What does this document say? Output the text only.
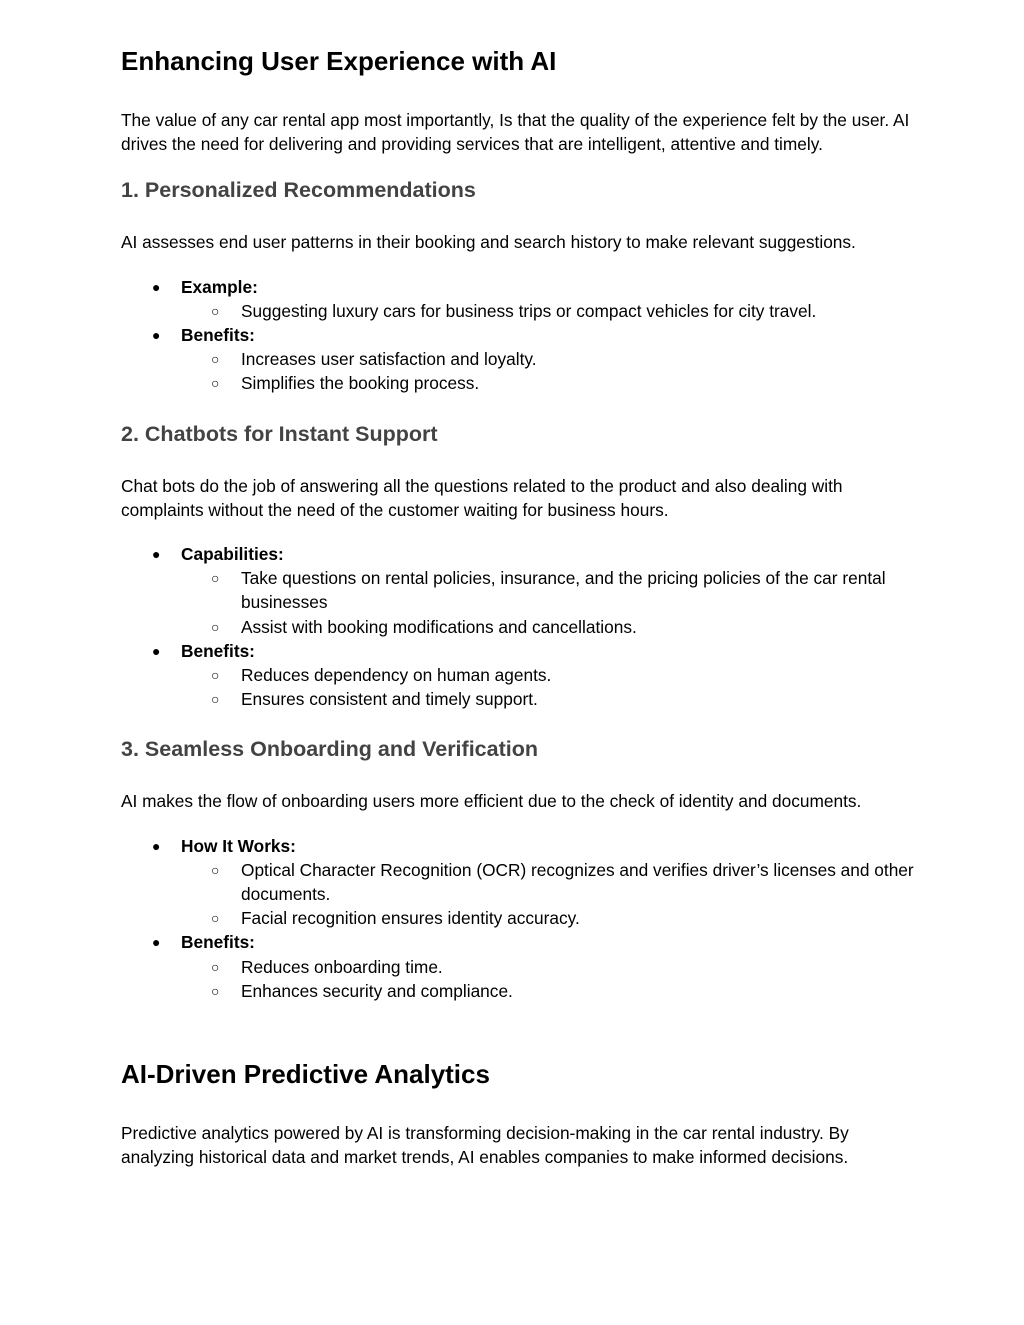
Enhancing User Experience with AI

The value of any car rental app most importantly, Is that the quality of the experience felt by the user. AI drives the need for delivering and providing services that are intelligent, attentive and timely.

1. Personalized Recommendations

AI assesses end user patterns in their booking and search history to make relevant suggestions.

● Example:
○ Suggesting luxury cars for business trips or compact vehicles for city travel.
● Benefits:
○ Increases user satisfaction and loyalty.
○ Simplifies the booking process.
2. Chatbots for Instant Support

Chat bots do the job of answering all the questions related to the product and also dealing with complaints without the need of the customer waiting for business hours.

● Capabilities:
○ Take questions on rental policies, insurance, and the pricing policies of the car rental businesses
○ Assist with booking modifications and cancellations.
● Benefits:
○ Reduces dependency on human agents.
○ Ensures consistent and timely support.
3. Seamless Onboarding and Verification

AI makes the flow of onboarding users more efficient due to the check of identity and documents.

● How It Works:
○ Optical Character Recognition (OCR) recognizes and verifies driver’s licenses and other documents.
○ Facial recognition ensures identity accuracy.
● Benefits:
○ Reduces onboarding time.
○ Enhances security and compliance.
AI-Driven Predictive Analytics

Predictive analytics powered by AI is transforming decision-making in the car rental industry. By analyzing historical data and market trends, AI enables companies to make informed decisions.
